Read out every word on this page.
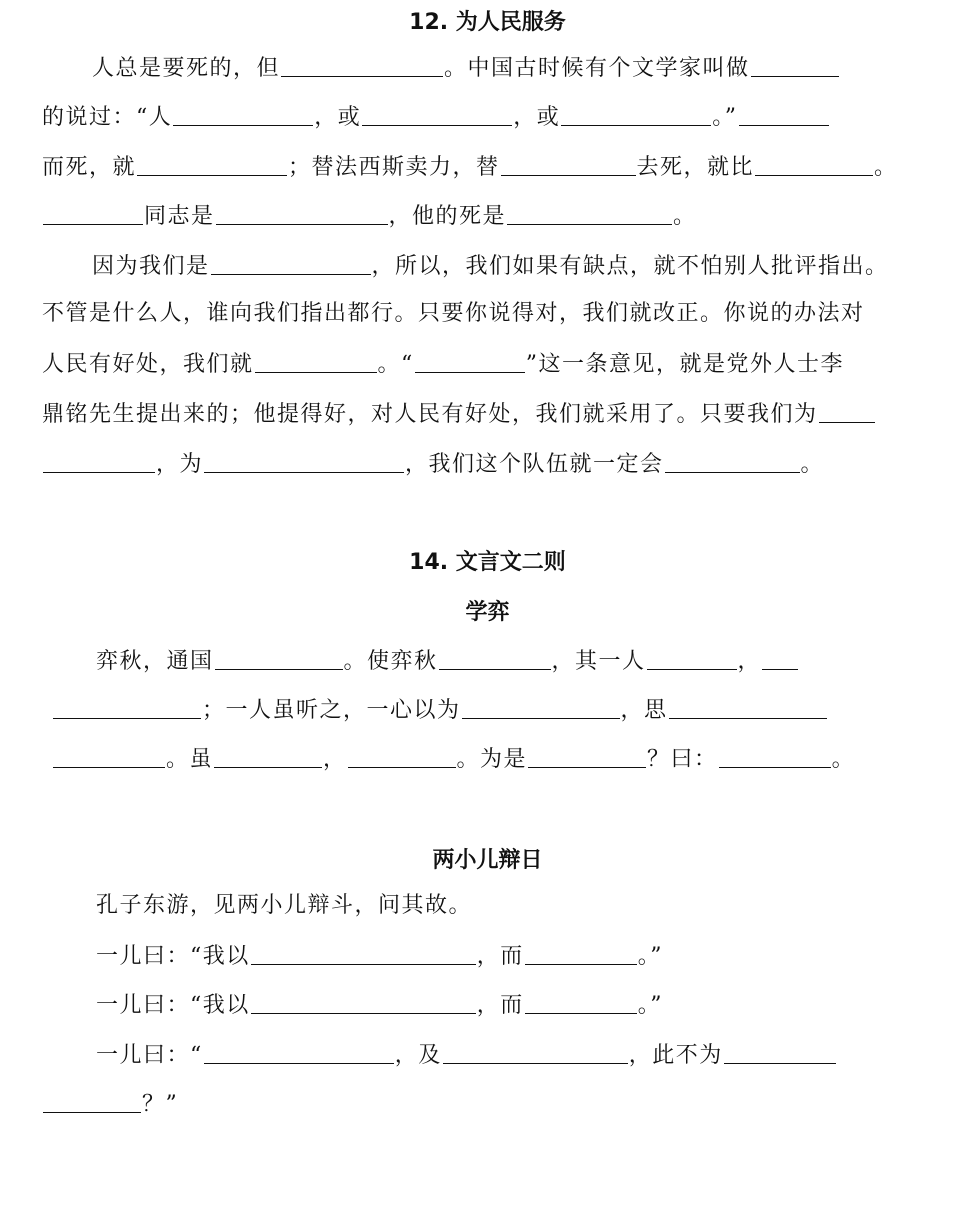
12. 为人民服务
人总是要死的，但	。中国古时候有个文学家叫做
的说过：“人	，或	，或	。”
而死，就	；替法西斯卖力，替	去死，就比	。
同志是	，他的死是	。
因为我们是	，所以，我们如果有缺点，就不怕别人批评指出。
不管是什么人，谁向我们指出都行。只要你说得对，我们就改正。你说的办法对
人民有好处，我们就	。“	”这一条意见，就是党外人士李
鼎铭先生提出来的；他提得好，对人民有好处，我们就采用了。只要我们为
，为	，我们这个队伍就一定会	。
14. 文言文二则
学弈
弈秋，通国	。使弈秋	，其一人	，
；一人虽听之，一心以为	，思
。虽	，	。为是	？曰：	。
两小儿辩日
孔子东游，见两小儿辩斗，问其故。
一儿曰：“我以	，而	。”
一儿曰：“我以	，而	。”
一儿曰：“	，及	，此不为
？”
